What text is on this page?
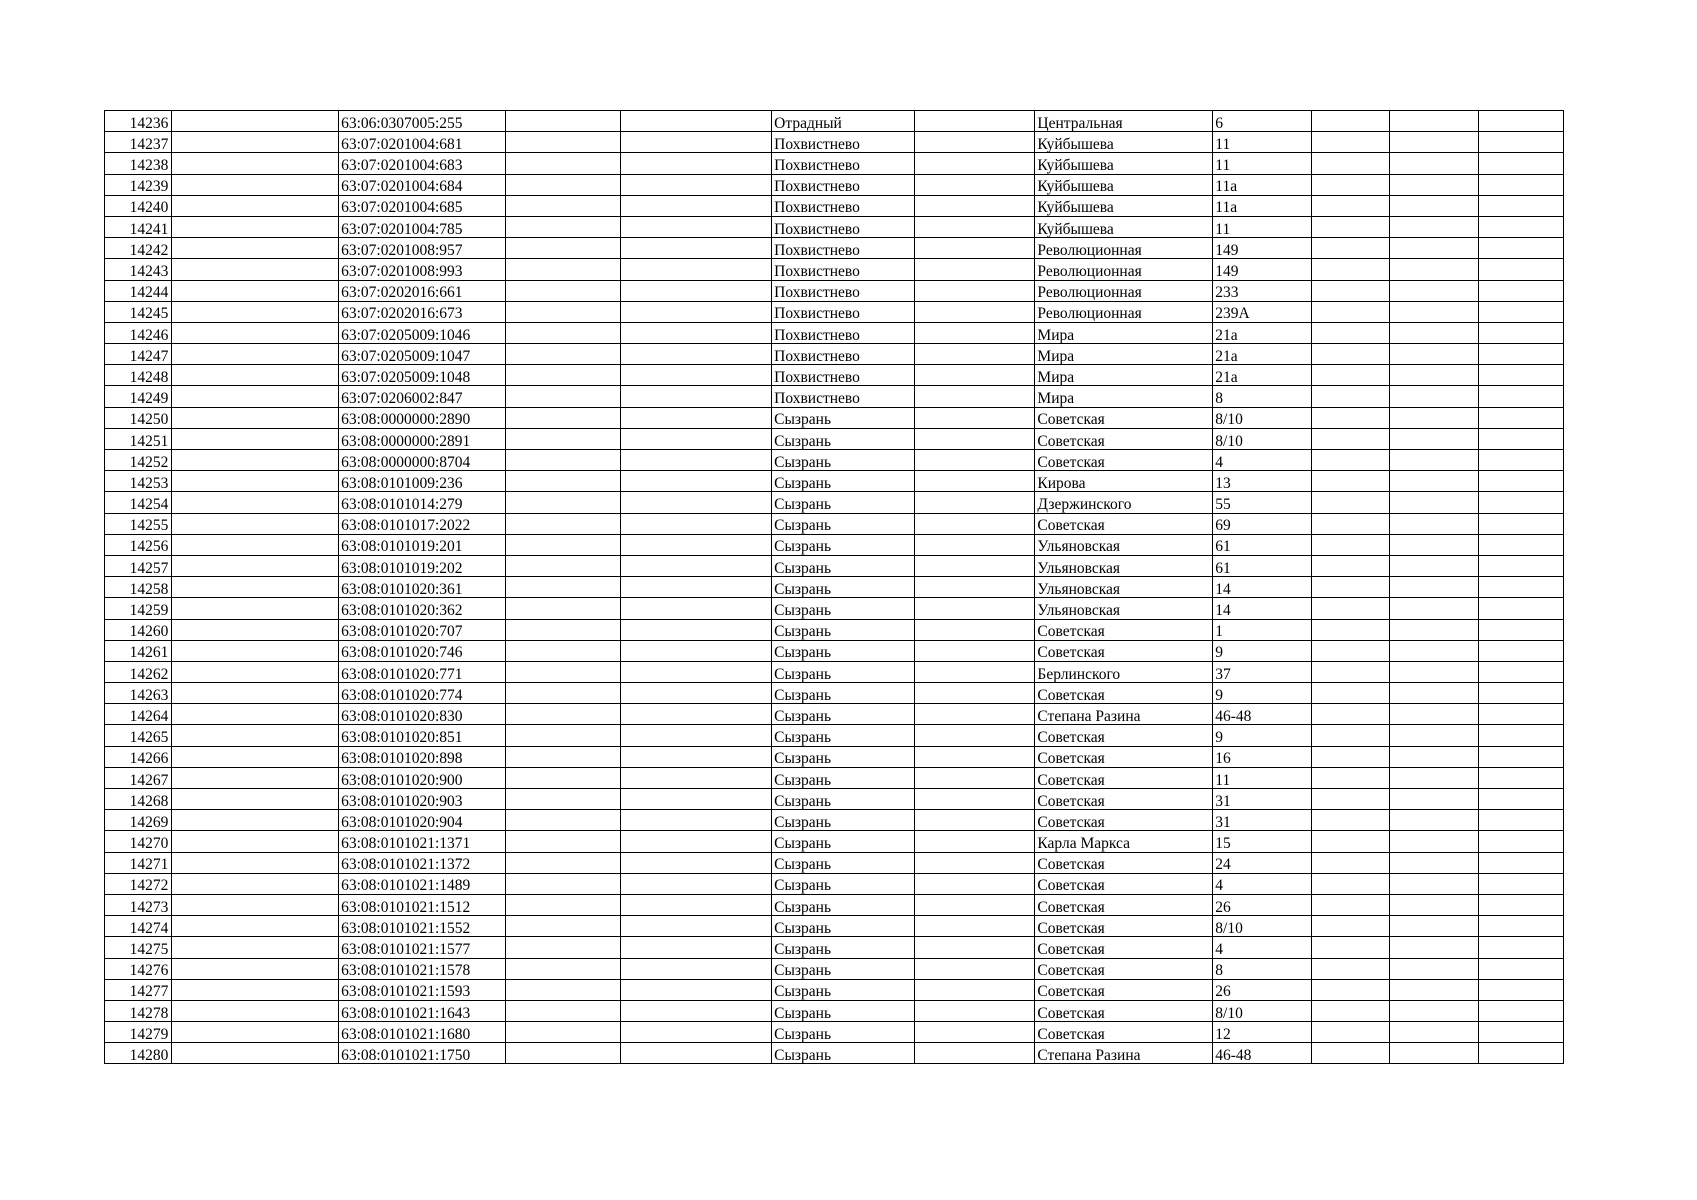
14236		63:06:0307005:255			Отрадный		Центральная	6			
14237		63:07:0201004:681			Похвистнево		Куйбышева	11			
14238		63:07:0201004:683			Похвистнево		Куйбышева	11			
14239		63:07:0201004:684			Похвистнево		Куйбышева	11а			
14240		63:07:0201004:685			Похвистнево		Куйбышева	11а			
14241		63:07:0201004:785			Похвистнево		Куйбышева	11			
14242		63:07:0201008:957			Похвистнево		Революционная	149			
14243		63:07:0201008:993			Похвистнево		Революционная	149			
14244		63:07:0202016:661			Похвистнево		Революционная	233			
14245		63:07:0202016:673			Похвистнево		Революционная	239А			
14246		63:07:0205009:1046			Похвистнево		Мира	21а			
14247		63:07:0205009:1047			Похвистнево		Мира	21а			
14248		63:07:0205009:1048			Похвистнево		Мира	21а			
14249		63:07:0206002:847			Похвистнево		Мира	8			
14250		63:08:0000000:2890			Сызрань		Советская	8/10			
14251		63:08:0000000:2891			Сызрань		Советская	8/10			
14252		63:08:0000000:8704			Сызрань		Советская	4			
14253		63:08:0101009:236			Сызрань		Кирова	13			
14254		63:08:0101014:279			Сызрань		Дзержинского	55			
14255		63:08:0101017:2022			Сызрань		Советская	69			
14256		63:08:0101019:201			Сызрань		Ульяновская	61			
14257		63:08:0101019:202			Сызрань		Ульяновская	61			
14258		63:08:0101020:361			Сызрань		Ульяновская	14			
14259		63:08:0101020:362			Сызрань		Ульяновская	14			
14260		63:08:0101020:707			Сызрань		Советская	1			
14261		63:08:0101020:746			Сызрань		Советская	9			
14262		63:08:0101020:771			Сызрань		Берлинского	37			
14263		63:08:0101020:774			Сызрань		Советская	9			
14264		63:08:0101020:830			Сызрань		Степана Разина	46-48			
14265		63:08:0101020:851			Сызрань		Советская	9			
14266		63:08:0101020:898			Сызрань		Советская	16			
14267		63:08:0101020:900			Сызрань		Советская	11			
14268		63:08:0101020:903			Сызрань		Советская	31			
14269		63:08:0101020:904			Сызрань		Советская	31			
14270		63:08:0101021:1371			Сызрань		Карла Маркса	15			
14271		63:08:0101021:1372			Сызрань		Советская	24			
14272		63:08:0101021:1489			Сызрань		Советская	4			
14273		63:08:0101021:1512			Сызрань		Советская	26			
14274		63:08:0101021:1552			Сызрань		Советская	8/10			
14275		63:08:0101021:1577			Сызрань		Советская	4			
14276		63:08:0101021:1578			Сызрань		Советская	8			
14277		63:08:0101021:1593			Сызрань		Советская	26			
14278		63:08:0101021:1643			Сызрань		Советская	8/10			
14279		63:08:0101021:1680			Сызрань		Советская	12			
14280		63:08:0101021:1750			Сызрань		Степана Разина	46-48			
